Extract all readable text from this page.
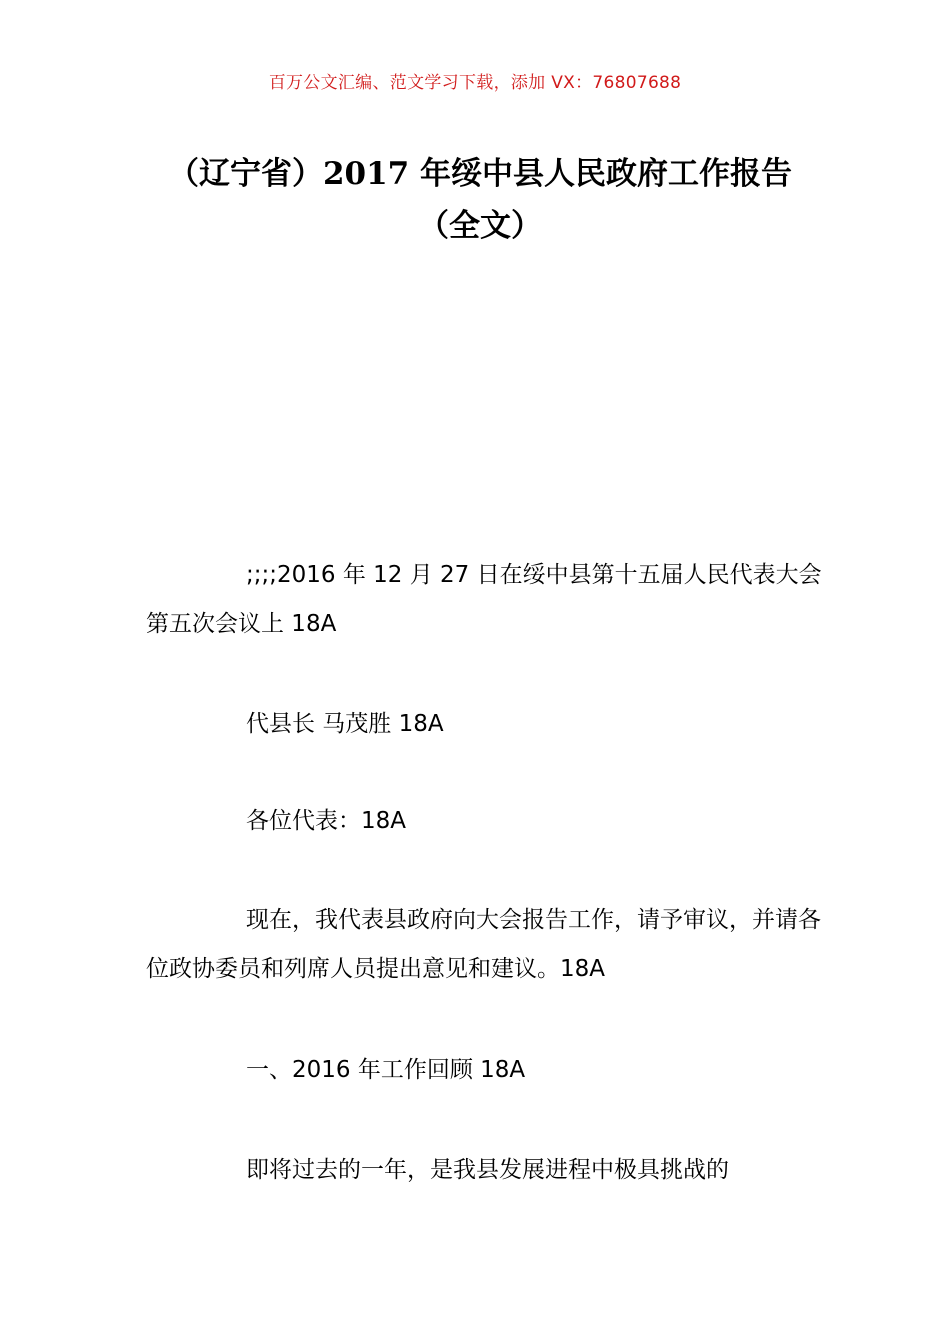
百万公文汇编、范文学习下载，添加 VX：76807688
（辽宁省）2017 年绥中县人民政府工作报告（全文）
;;;;2016 年 12 月 27 日在绥中县第十五届人民代表大会第五次会议上 18A
代县长 马茂胜 18A
各位代表：18A
现在，我代表县政府向大会报告工作，请予审议，并请各位政协委员和列席人员提出意见和建议。18A
一、2016 年工作回顾 18A
即将过去的一年，是我县发展进程中极具挑战的
